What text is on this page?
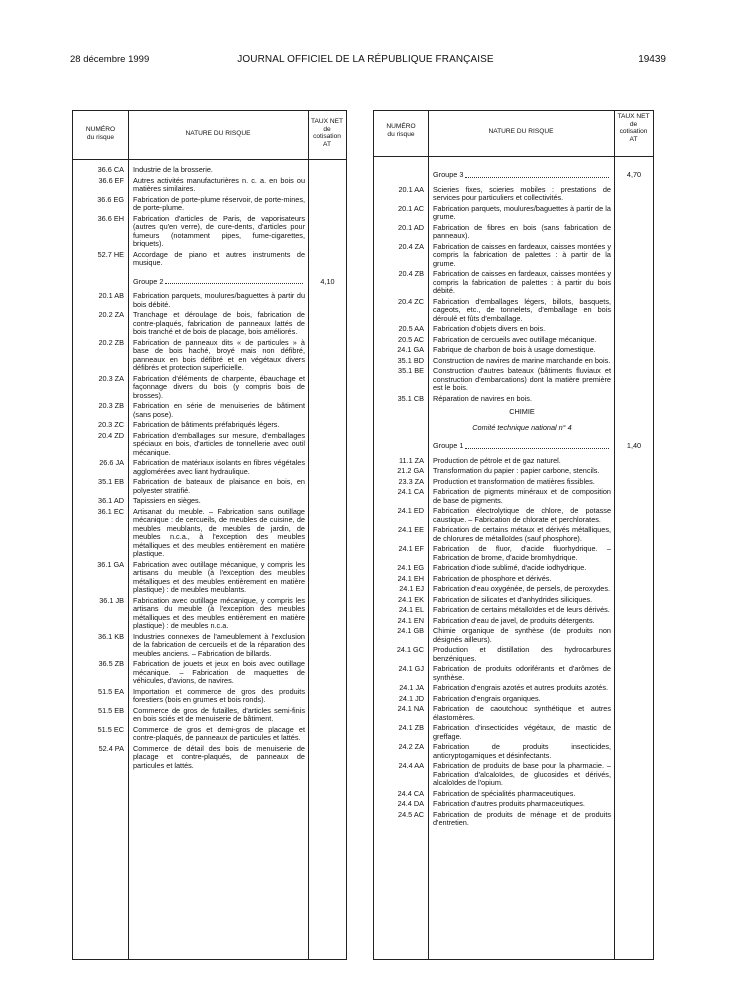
28 décembre 1999	JOURNAL OFFICIEL DE LA RÉPUBLIQUE FRANÇAISE	19439
NUMÉRO
du risque
NATURE DU RISQUE
TAUX NET
de
cotisation
AT
36.6 CA	Industrie de la brosserie.
36.6 EF	Autres activités manufacturières n. c. a. en bois ou matières similaires.
36.6 EG	Fabrication de porte-plume réservoir, de porte-mines, de porte-plume.
36.6 EH	Fabrication d'articles de Paris, de vaporisateurs (autres qu'en verre), de cure-dents, d'articles pour fumeurs (notamment pipes, fume-cigarettes, briquets).
52.7 HE	Accordage de piano et autres instruments de musique.
Groupe 2	4,10
20.1 AB	Fabrication parquets, moulures/baguettes à partir du bois débité.
20.2 ZA	Tranchage et déroulage de bois, fabrication de contre-plaqués, fabrication de panneaux lattés de bois tranché et de bois de placage, bois améliorés.
20.2 ZB	Fabrication de panneaux dits « de particules » à base de bois haché, broyé mais non défibré, panneaux en bois défibré et en végétaux divers défibrés et protection superficielle.
20.3 ZA	Fabrication d'éléments de charpente, ébauchage et façonnage divers du bois (y compris bois de brosses).
20.3 ZB	Fabrication en série de menuiseries de bâtiment (sans pose).
20.3 ZC	Fabrication de bâtiments préfabriqués légers.
20.4 ZD	Fabrication d'emballages sur mesure, d'emballages spéciaux en bois, d'articles de tonnellerie avec outil mécanique.
26.6 JA	Fabrication de matériaux isolants en fibres végétales agglomérées avec liant hydraulique.
35.1 EB	Fabrication de bateaux de plaisance en bois, en polyester stratifié.
36.1 AD	Tapissiers en sièges.
36.1 EC	Artisanat du meuble. – Fabrication sans outillage mécanique : de cercueils, de meubles de cuisine, de meubles meublants, de meubles de jardin, de meubles n.c.a., à l'exception des meubles métalliques et des meubles entièrement en matière plastique.
36.1 GA	Fabrication avec outillage mécanique, y compris les artisans du meuble (à l'exception des meubles métalliques et des meubles entièrement en matière plastique) : de meubles meublants.
36.1 JB	Fabrication avec outillage mécanique, y compris les artisans du meuble (à l'exception des meubles métalliques et des meubles entièrement en matière plastique) : de meubles n.c.a.
36.1 KB	Industries connexes de l'ameublement à l'exclusion de la fabrication de cercueils et de la réparation des meubles anciens. – Fabrication de billards.
36.5 ZB	Fabrication de jouets et jeux en bois avec outillage mécanique. – Fabrication de maquettes de véhicules, d'avions, de navires.
51.5 EA	Importation et commerce de gros des produits forestiers (bois en grumes et bois ronds).
51.5 EB	Commerce de gros de futailles, d'articles semi-finis en bois sciés et de menuiserie de bâtiment.
51.5 EC	Commerce de gros et demi-gros de placage et contre-plaqués, de panneaux de particules et lattés.
52.4 PA	Commerce de détail des bois de menuiserie de placage et contre-plaqués, de panneaux de particules et lattés.
NUMÉRO
du risque	NATURE DU RISQUE
TAUX NET
de
cotisation
AT
Groupe 3	4,70
20.1 AA	Scieries fixes, scieries mobiles : prestations de services pour particuliers et collectivités.
20.1 AC	Fabrication parquets, moulures/baguettes à partir de la grume.
20.1 AD	Fabrication de fibres en bois (sans fabrication de panneaux).
20.4 ZA	Fabrication de caisses en fardeaux, caisses montées y compris la fabrication de palettes : à partir de la grume.
20.4 ZB	Fabrication de caisses en fardeaux, caisses montées y compris la fabrication de palettes : à partir du bois débité.
20.4 ZC	Fabrication d'emballages légers, billots, basquets, cageots, etc., de tonnelets, d'emballage en bois déroulé et fûts d'emballage.
20.5 AA	Fabrication d'objets divers en bois.
20.5 AC	Fabrication de cercueils avec outillage mécanique.
24.1 GA	Fabrique de charbon de bois à usage domestique.
35.1 BD	Construction de navires de marine marchande en bois.
35.1 BE	Construction d'autres bateaux (bâtiments fluviaux et construction d'embarcations) dont la matière première est le bois.
35.1 CB	Réparation de navires en bois.
CHIMIE
Comité technique national n° 4
Groupe 1	1,40
11.1 ZA	Production de pétrole et de gaz naturel.
21.2 GA	Transformation du papier : papier carbone, stencils.
23.3 ZA	Production et transformation de matières fissibles.
24.1 CA	Fabrication de pigments minéraux et de composition de base de pigments.
24.1 ED	Fabrication électrolytique de chlore, de potasse caustique. – Fabrication de chlorate et perchlorates.
24.1 EE	Fabrication de certains métaux et dérivés métalliques, de chlorures de métalloïdes (sauf phosphore).
24.1 EF	Fabrication de fluor, d'acide fluorhydrique. – Fabrication de brome, d'acide bromhydrique.
24.1 EG	Fabrication d'iode sublimé, d'acide iodhydrique.
24.1 EH	Fabrication de phosphore et dérivés.
24.1 EJ	Fabrication d'eau oxygénée, de persels, de peroxydes.
24.1 EK	Fabrication de silicates et d'anhydrides siliciques.
24.1 EL	Fabrication de certains métalloïdes et de leurs dérivés.
24.1 EN	Fabrication d'eau de javel, de produits détergents.
24.1 GB	Chimie organique de synthèse (de produits non désignés ailleurs).
24.1 GC	Production et distillation des hydrocarbures benzéniques.
24.1 GJ	Fabrication de produits odoriférants et d'arômes de synthèse.
24.1 JA	Fabrication d'engrais azotés et autres produits azotés.
24.1 JD	Fabrication d'engrais organiques.
24.1 NA	Fabrication de caoutchouc synthétique et autres élastomères.
24.1 ZB	Fabrication d'insecticides végétaux, de mastic de greffage.
24.2 ZA	Fabrication de produits insecticides, anticryptogamiques et désinfectants.
24.4 AA	Fabrication de produits de base pour la pharmacie. – Fabrication d'alcaloïdes, de glucosides et dérivés, alcaloïdes de l'opium.
24.4 CA	Fabrication de spécialités pharmaceutiques.
24.4 DA	Fabrication d'autres produits pharmaceutiques.
24.5 AC	Fabrication de produits de ménage et de produits d'entretien.
